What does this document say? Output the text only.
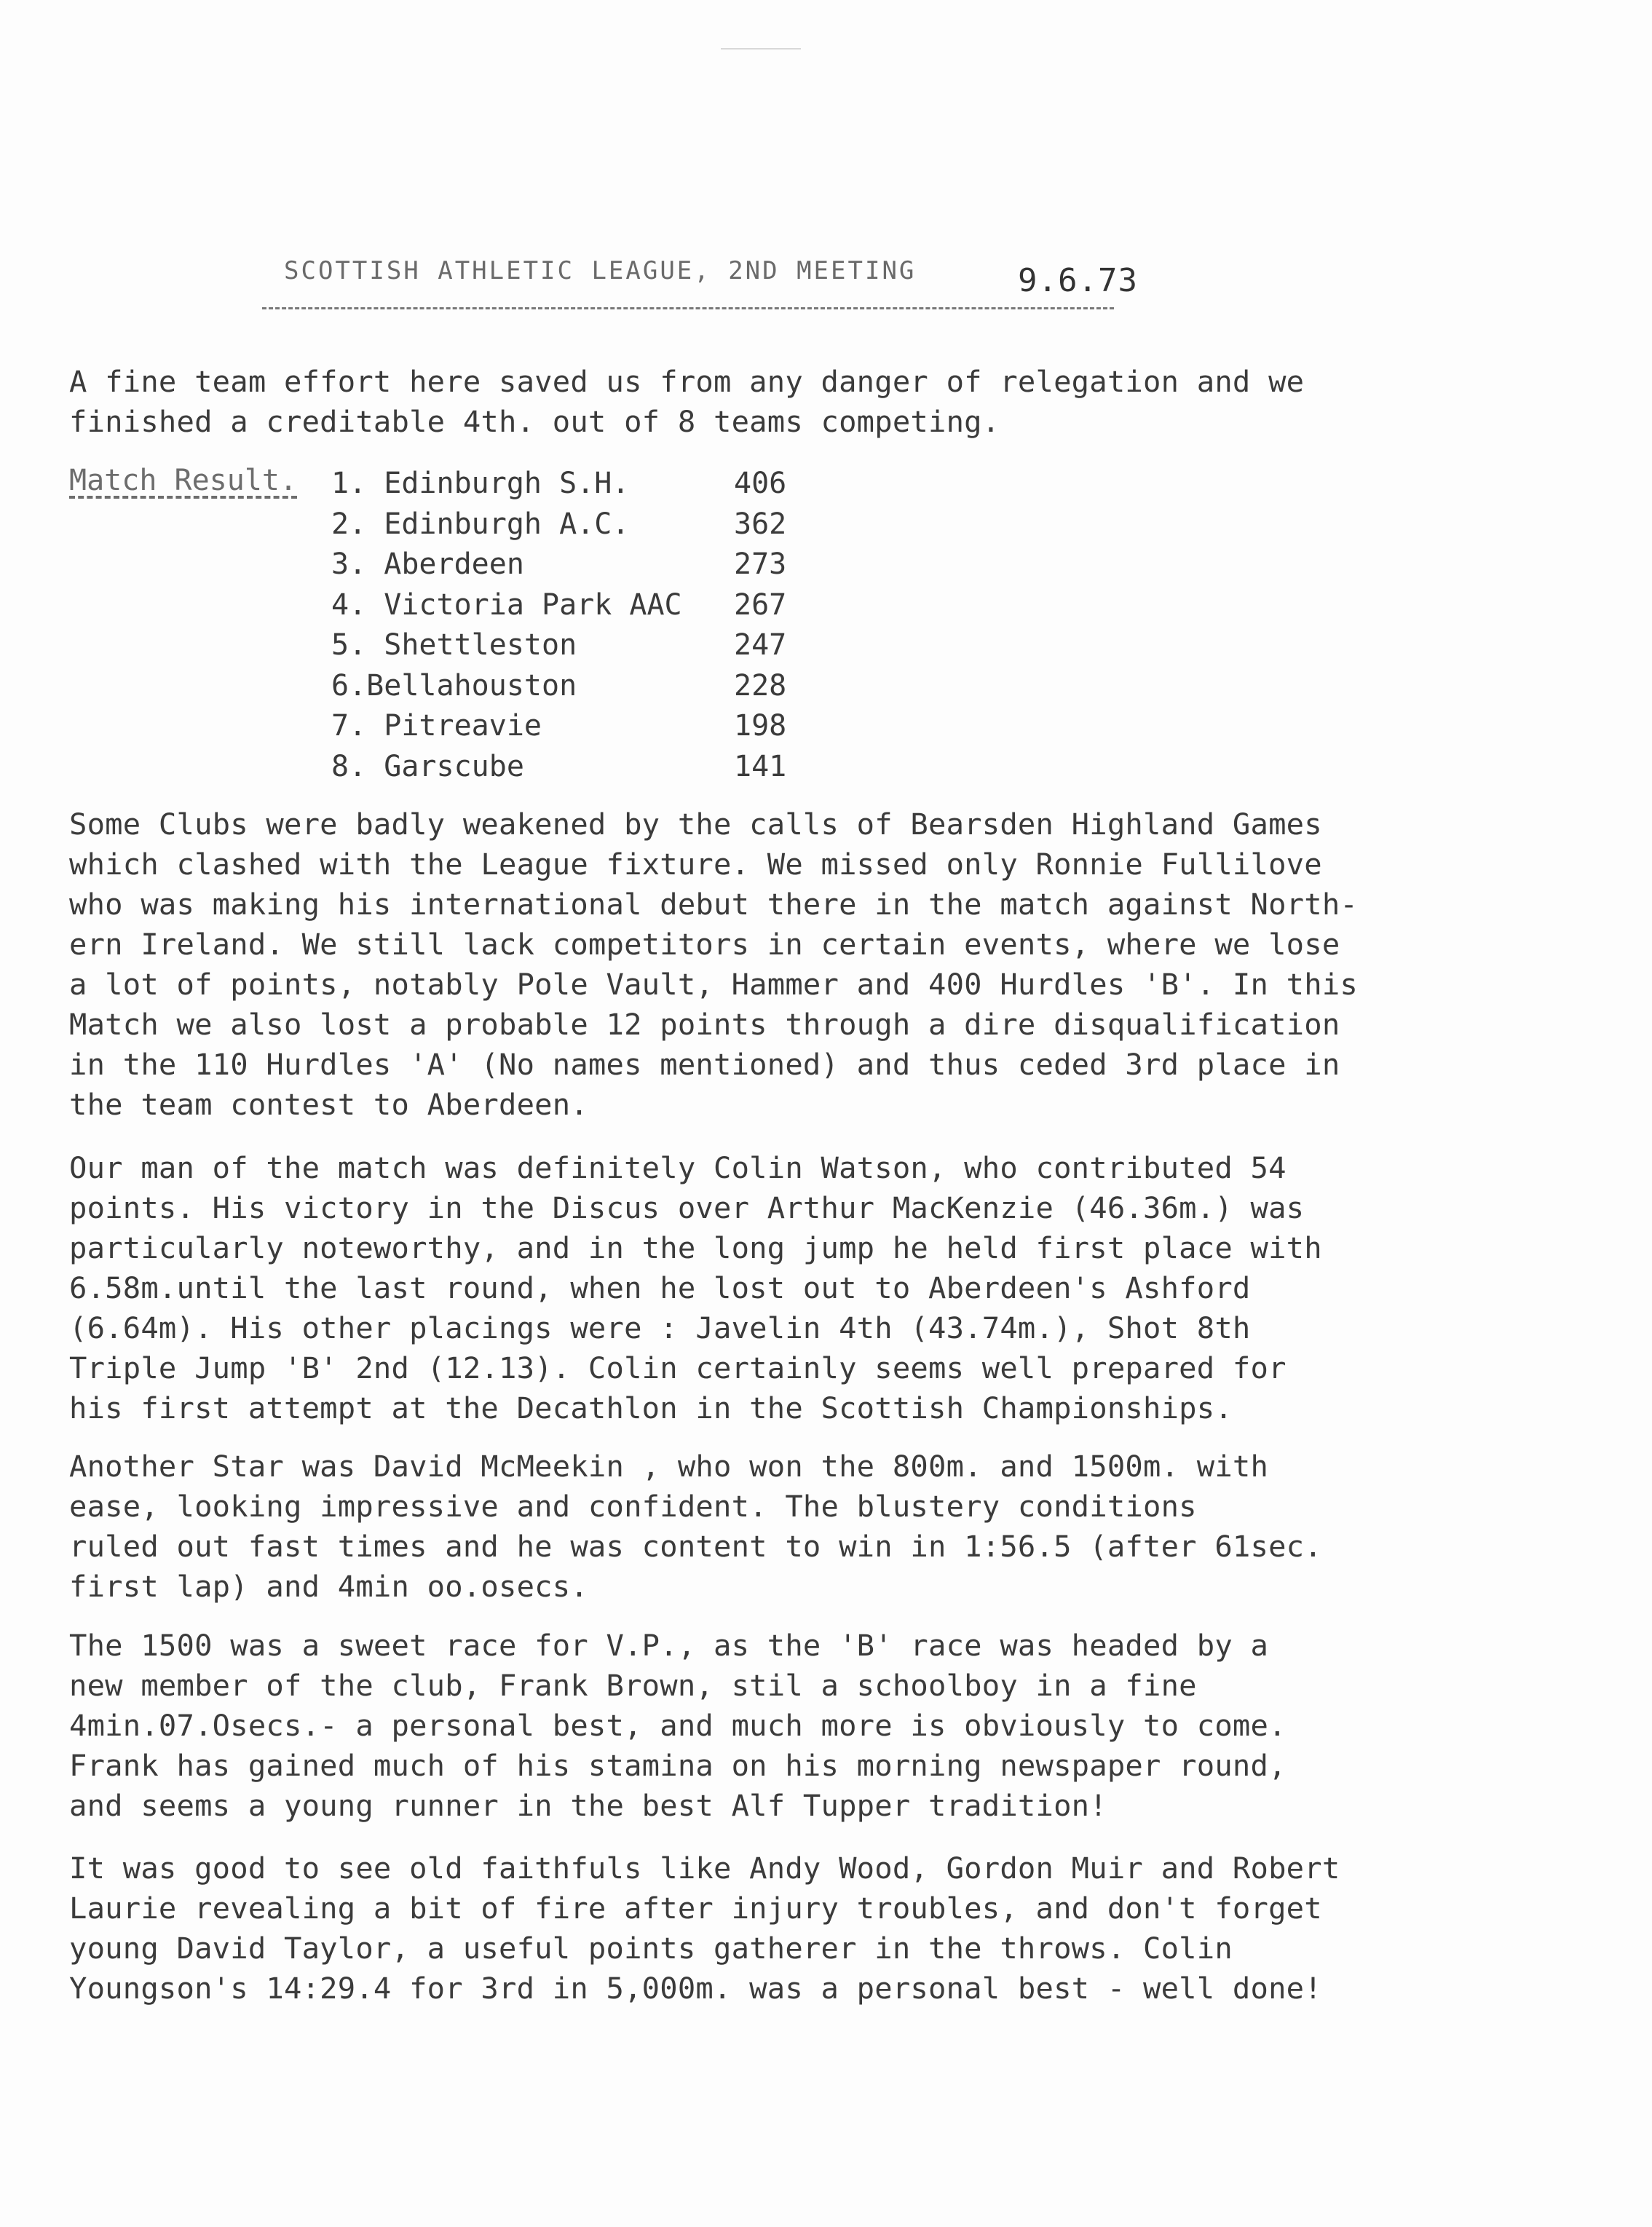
SCOTTISH ATHLETIC LEAGUE, 2ND MEETING	9.6.73
A fine team effort here saved us from any danger of relegation and we
finished a creditable 4th. out of 8 teams competing.
Match Result. 1. Edinburgh S.H.	406
2. Edinburgh A.C.	362
3. Aberdeen	273
4. Victoria Park AAC 267
5. Shettleston	247
6.Bellahouston	228
7. Pitreavie	198
8. Garscube	141
Some Clubs were badly weakened by the calls of Bearsden Highland Games
which clashed with the League fixture. We missed only Ronnie Fullilove
who was making his international debut there in the match against North-
ern Ireland. We still lack competitors in certain events, where we lose
a lot of points, notably Pole Vault, Hammer and 400 Hurdles 'B'. In this
Match we also lost a probable 12 points through a dire disqualification
in the 110 Hurdles 'A' (No names mentioned) and thus ceded 3rd place in
the team contest to Aberdeen.
Our man of the match was definitely Colin Watson, who contributed 54
points. His victory in the Discus over Arthur MacKenzie (46.36m.) was
particularly noteworthy, and in the long jump he held first place with
6.58m.until the last round, when he lost out to Aberdeen's Ashford
(6.64m). His other placings were : Javelin 4th (43.74m.), Shot 8th
Triple Jump 'B' 2nd (12.13). Colin certainly seems well prepared for
his first attempt at the Decathlon in the Scottish Championships.
Another Star was David McMeekin , who won the 800m. and 1500m. with
ease, looking impressive and confident. The blustery conditions
ruled out fast times and he was content to win in 1:56.5 (after 61sec.
first lap) and 4min oo.osecs.
The 1500 was a sweet race for V.P., as the 'B' race was headed by a
new member of the club, Frank Brown, stil a schoolboy in a fine
4min.07.Osecs.- a personal best, and much more is obviously to come.
Frank has gained much of his stamina on his morning newspaper round,
and seems a young runner in the best Alf Tupper tradition!
It was good to see old faithfuls like Andy Wood, Gordon Muir and Robert
Laurie revealing a bit of fire after injury troubles, and don't forget
young David Taylor, a useful points gatherer in the throws. Colin
Youngson's 14:29.4 for 3rd in 5,000m. was a personal best - well done!
